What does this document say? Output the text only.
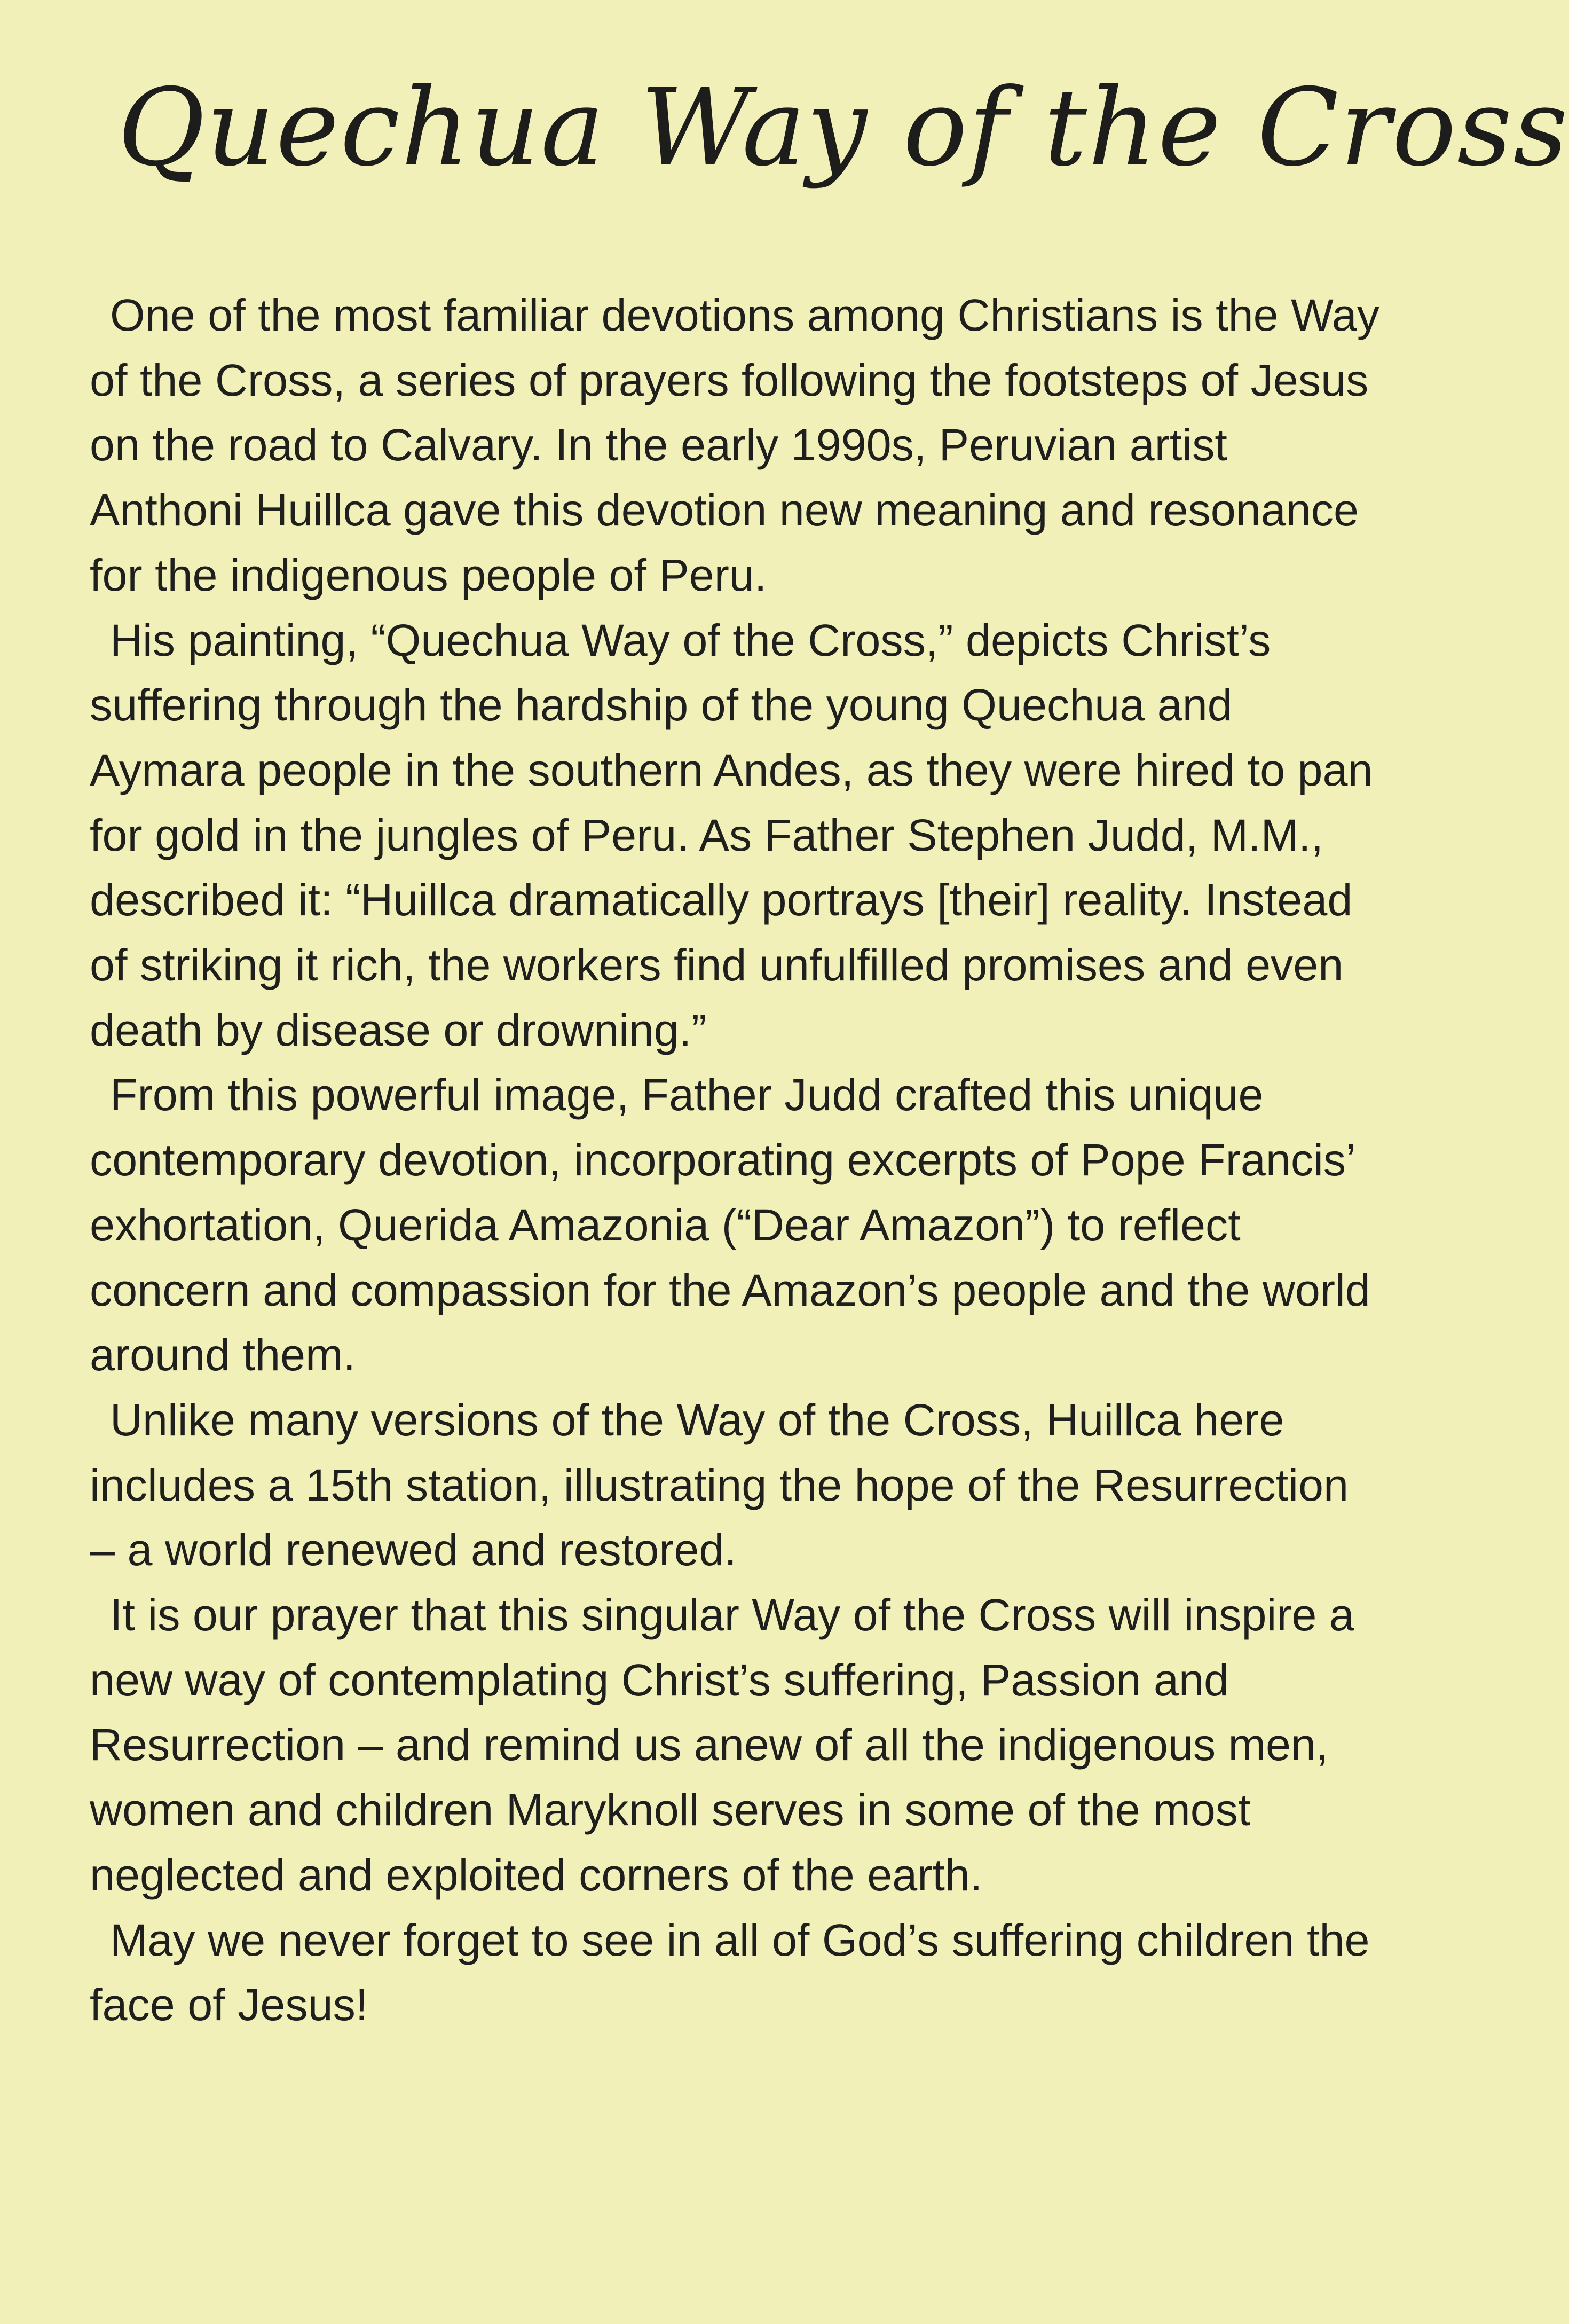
Quechua Way of the Cross

One of the most familiar devotions among Christians is the Way of the Cross, a series of prayers following the footsteps of Jesus on the road to Calvary. In the early 1990s, Peruvian artist Anthoni Huillca gave this devotion new meaning and resonance for the indigenous people of Peru.

His painting, “Quechua Way of the Cross,” depicts Christ’s suffering through the hardship of the young Quechua and Aymara people in the southern Andes, as they were hired to pan for gold in the jungles of Peru. As Father Stephen Judd, M.M., described it: “Huillca dramatically portrays [their] reality. Instead of striking it rich, the workers find unfulfilled promises and even death by disease or drowning.”

From this powerful image, Father Judd crafted this unique contemporary devotion, incorporating excerpts of Pope Francis’ exhortation, Querida Amazonia (“Dear Amazon”) to reflect concern and compassion for the Amazon’s people and the world around them.

Unlike many versions of the Way of the Cross, Huillca here includes a 15th station, illustrating the hope of the Resurrection – a world renewed and restored.

It is our prayer that this singular Way of the Cross will inspire a new way of contemplating Christ’s suffering, Passion and Resurrection – and remind us anew of all the indigenous men, women and children Maryknoll serves in some of the most neglected and exploited corners of the earth.

May we never forget to see in all of God’s suffering children the face of Jesus!
